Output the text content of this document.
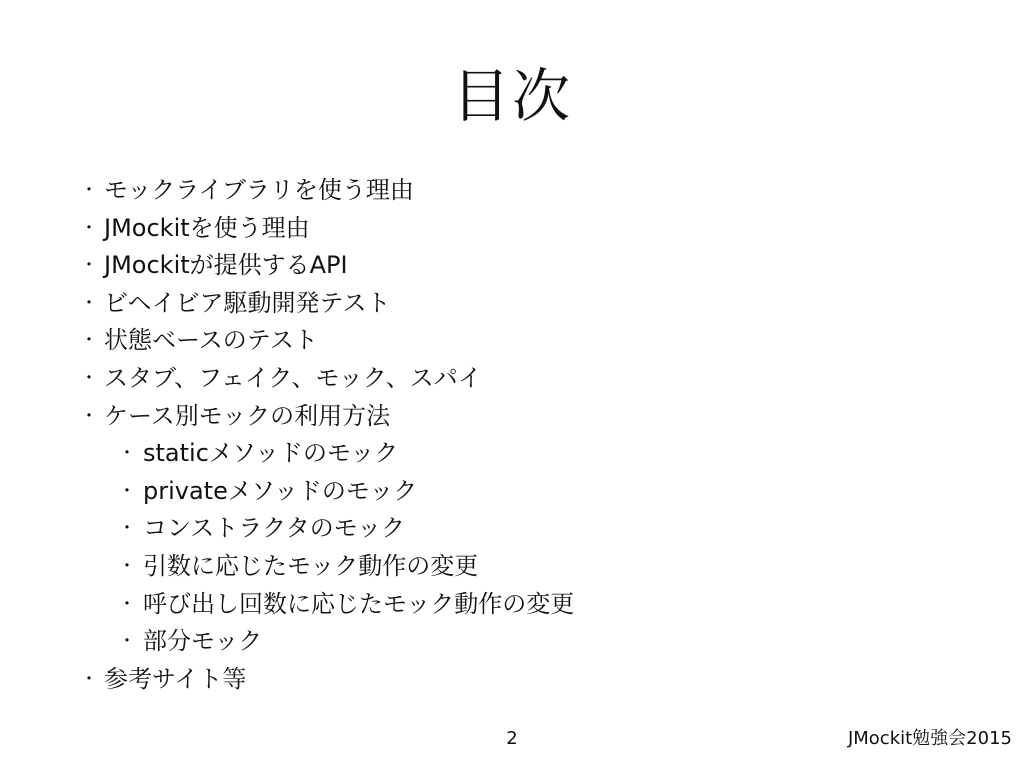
目次
・ モックライブラリを使う理由
・ JMockitを使う理由
・ JMockitが提供するAPI
・ ビヘイビア駆動開発テスト
・ 状態ベースのテスト
・ スタブ、フェイク、モック、スパイ
・ ケース別モックの利用方法
・ staticメソッドのモック
・ privateメソッドのモック
・ コンストラクタのモック
・ 引数に応じたモック動作の変更
・ 呼び出し回数に応じたモック動作の変更
・ 部分モック
・ 参考サイト等
2	JMockit勉強会2015
